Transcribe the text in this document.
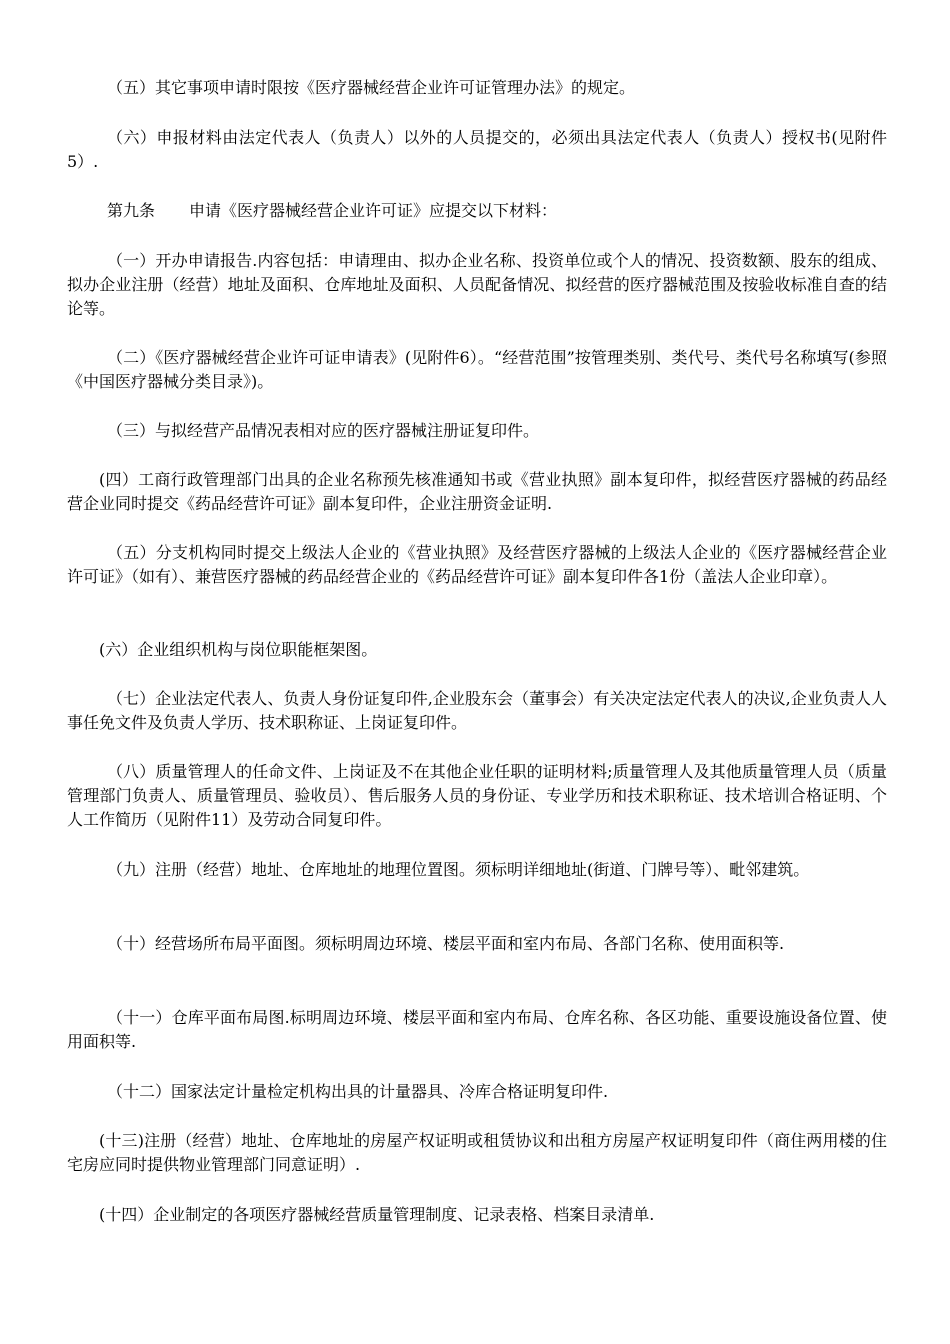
（五）其它事项申请时限按《医疗器械经营企业许可证管理办法》的规定。

（六）申报材料由法定代表人（负责人）以外的人员提交的，必须出具法定代表人（负责人）授权书(见附件5）.

第九条 申请《医疗器械经营企业许可证》应提交以下材料：

（一）开办申请报告.内容包括：申请理由、拟办企业名称、投资单位或个人的情况、投资数额、股东的组成、拟办企业注册（经营）地址及面积、仓库地址及面积、人员配备情况、拟经营的医疗器械范围及按验收标准自查的结论等。

（二）《医疗器械经营企业许可证申请表》(见附件6）。“经营范围”按管理类别、类代号、类代号名称填写(参照《中国医疗器械分类目录》)。

（三）与拟经营产品情况表相对应的医疗器械注册证复印件。

(四）工商行政管理部门出具的企业名称预先核准通知书或《营业执照》副本复印件，拟经营医疗器械的药品经营企业同时提交《药品经营许可证》副本复印件，企业注册资金证明.

（五）分支机构同时提交上级法人企业的《营业执照》及经营医疗器械的上级法人企业的《医疗器械经营企业许可证》（如有）、兼营医疗器械的药品经营企业的《药品经营许可证》副本复印件各1份（盖法人企业印章）。

(六）企业组织机构与岗位职能框架图。

（七）企业法定代表人、负责人身份证复印件,企业股东会（董事会）有关决定法定代表人的决议,企业负责人人事任免文件及负责人学历、技术职称证、上岗证复印件。

（八）质量管理人的任命文件、上岗证及不在其他企业任职的证明材料;质量管理人及其他质量管理人员（质量管理部门负责人、质量管理员、验收员）、售后服务人员的身份证、专业学历和技术职称证、技术培训合格证明、个人工作简历（见附件11）及劳动合同复印件。

（九）注册（经营）地址、仓库地址的地理位置图。须标明详细地址(街道、门牌号等）、毗邻建筑。

（十）经营场所布局平面图。须标明周边环境、楼层平面和室内布局、各部门名称、使用面积等.

（十一）仓库平面布局图.标明周边环境、楼层平面和室内布局、仓库名称、各区功能、重要设施设备位置、使用面积等.

（十二）国家法定计量检定机构出具的计量器具、冷库合格证明复印件.

(十三)注册（经营）地址、仓库地址的房屋产权证明或租赁协议和出租方房屋产权证明复印件（商住两用楼的住宅房应同时提供物业管理部门同意证明）.

(十四）企业制定的各项医疗器械经营质量管理制度、记录表格、档案目录清单.
